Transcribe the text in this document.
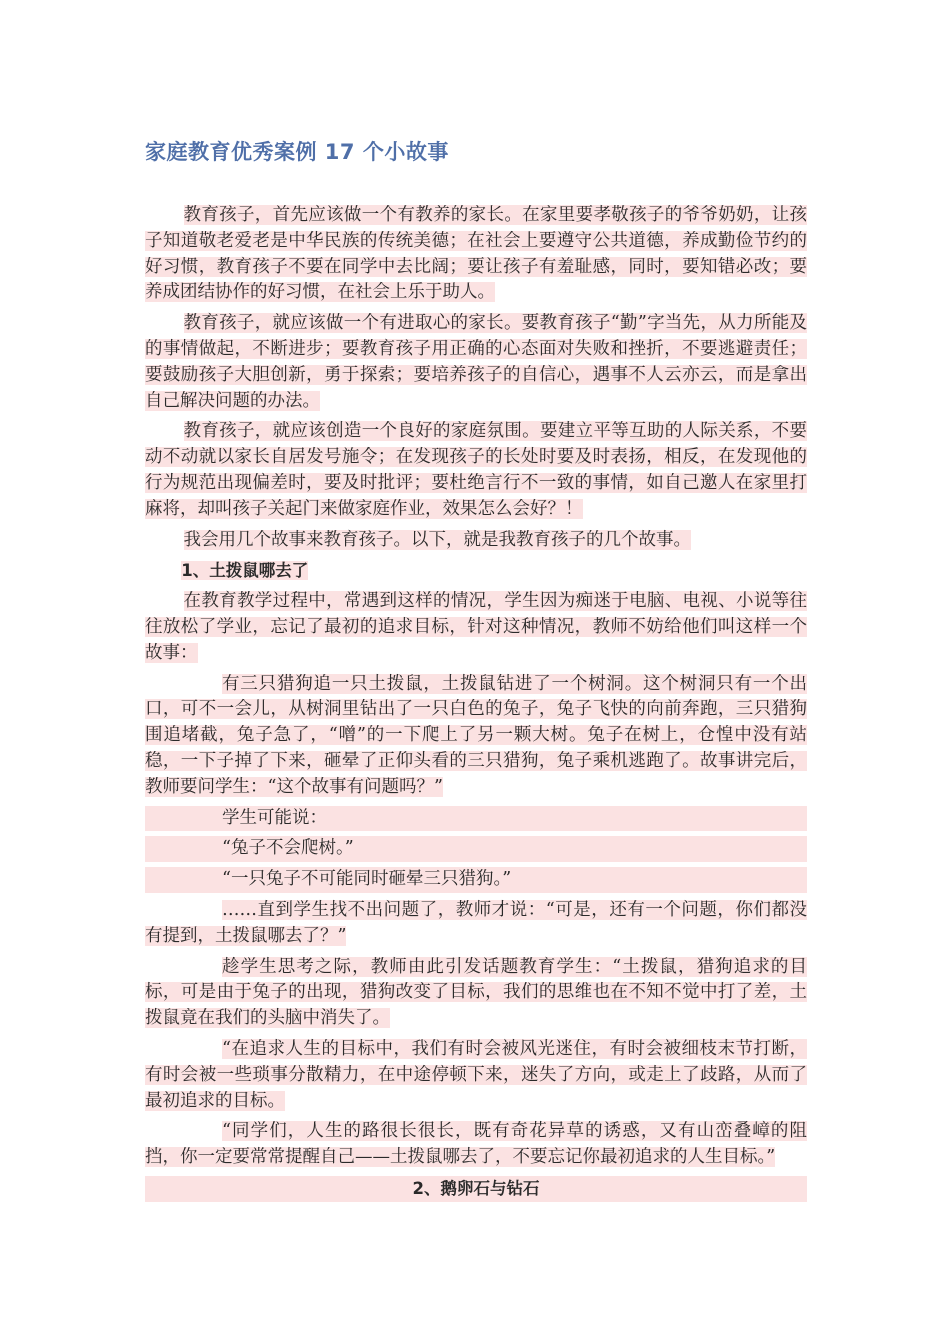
家庭教育优秀案例 17 个小故事

教育孩子，首先应该做一个有教养的家长。在家里要孝敬孩子的爷爷奶奶，让孩子知道敬老爱老是中华民族的传统美德；在社会上要遵守公共道德，养成勤俭节约的好习惯，教育孩子不要在同学中去比阔；要让孩子有羞耻感，同时，要知错必改；要养成团结协作的好习惯，在社会上乐于助人。

教育孩子，就应该做一个有进取心的家长。要教育孩子“勤”字当先，从力所能及的事情做起，不断进步；要教育孩子用正确的心态面对失败和挫折，不要逃避责任；要鼓励孩子大胆创新，勇于探索；要培养孩子的自信心，遇事不人云亦云，而是拿出自己解决问题的办法。

教育孩子，就应该创造一个良好的家庭氛围。要建立平等互助的人际关系，不要动不动就以家长自居发号施令；在发现孩子的长处时要及时表扬，相反，在发现他的行为规范出现偏差时，要及时批评；要杜绝言行不一致的事情，如自己邀人在家里打麻将，却叫孩子关起门来做家庭作业，效果怎么会好？！

我会用几个故事来教育孩子。以下，就是我教育孩子的几个故事。

1、土拨鼠哪去了

在教育教学过程中，常遇到这样的情况，学生因为痴迷于电脑、电视、小说等往往放松了学业，忘记了最初的追求目标，针对这种情况，教师不妨给他们叫这样一个故事：

有三只猎狗追一只土拨鼠，土拨鼠钻进了一个树洞。这个树洞只有一个出口，可不一会儿，从树洞里钻出了一只白色的兔子，兔子飞快的向前奔跑，三只猎狗围追堵截，兔子急了，“噌”的一下爬上了另一颗大树。兔子在树上，仓惶中没有站稳，一下子掉了下来，砸晕了正仰头看的三只猎狗，兔子乘机逃跑了。故事讲完后，教师要问学生：“这个故事有问题吗？”

学生可能说：

“兔子不会爬树。”

“一只兔子不可能同时砸晕三只猎狗。”

……直到学生找不出问题了，教师才说：“可是，还有一个问题，你们都没有提到，土拨鼠哪去了？”

趁学生思考之际，教师由此引发话题教育学生：“土拨鼠，猎狗追求的目标，可是由于兔子的出现，猎狗改变了目标，我们的思维也在不知不觉中打了差，土拨鼠竟在我们的头脑中消失了。

“在追求人生的目标中，我们有时会被风光迷住，有时会被细枝末节打断，有时会被一些琐事分散精力，在中途停顿下来，迷失了方向，或走上了歧路，从而了最初追求的目标。

“同学们，人生的路很长很长，既有奇花异草的诱惑，又有山峦叠嶂的阻挡，你一定要常常提醒自己——土拨鼠哪去了，不要忘记你最初追求的人生目标。”

2、鹅卵石与钻石
